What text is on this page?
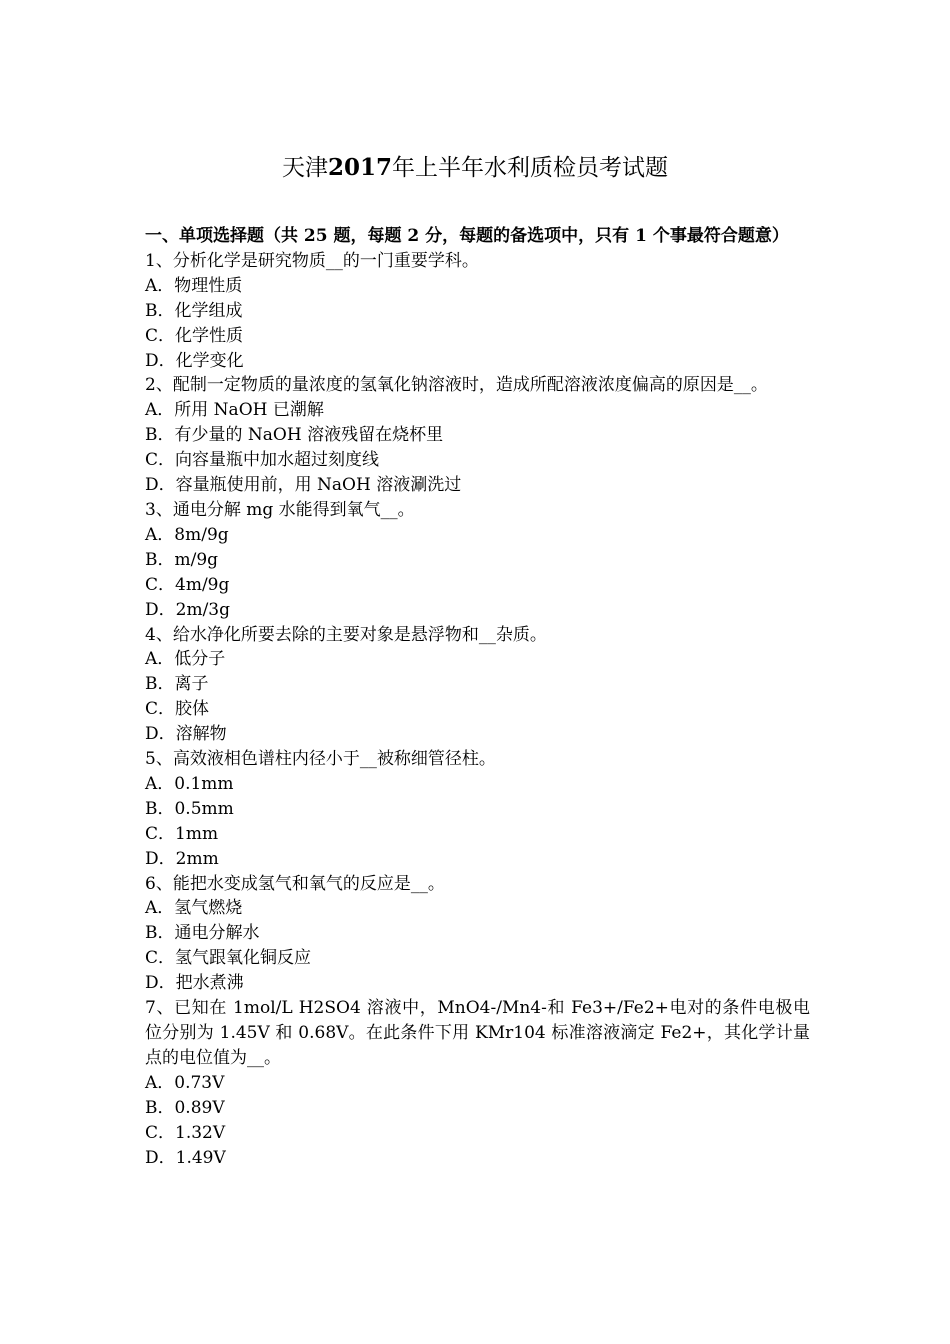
天津2017年上半年水利质检员考试题
一、单项选择题（共 25 题，每题 2 分，每题的备选项中，只有 1 个事最符合题意）
1、分析化学是研究物质__的一门重要学科。
A．物理性质
B．化学组成
C．化学性质
D．化学变化
2、配制一定物质的量浓度的氢氧化钠溶液时，造成所配溶液浓度偏高的原因是__。
A．所用 NaOH 已潮解
B．有少量的 NaOH 溶液残留在烧杯里
C．向容量瓶中加水超过刻度线
D．容量瓶使用前，用 NaOH 溶液涮洗过
3、通电分解 mg 水能得到氧气__。
A．8m/9g
B．m/9g
C．4m/9g
D．2m/3g
4、给水净化所要去除的主要对象是悬浮物和__杂质。
A．低分子
B．离子
C．胶体
D．溶解物
5、高效液相色谱柱内径小于__被称细管径柱。
A．0.1mm
B．0.5mm
C．1mm
D．2mm
6、能把水变成氢气和氧气的反应是__。
A．氢气燃烧
B．通电分解水
C．氢气跟氧化铜反应
D．把水煮沸
7、已知在 1mol/L H2SO4 溶液中，MnO4-/Mn4-和 Fe3+/Fe2+电对的条件电极电位分别为 1.45V 和 0.68V。在此条件下用 KMr104 标准溶液滴定 Fe2+，其化学计量点的电位值为__。
A．0.73V
B．0.89V
C．1.32V
D．1.49V
